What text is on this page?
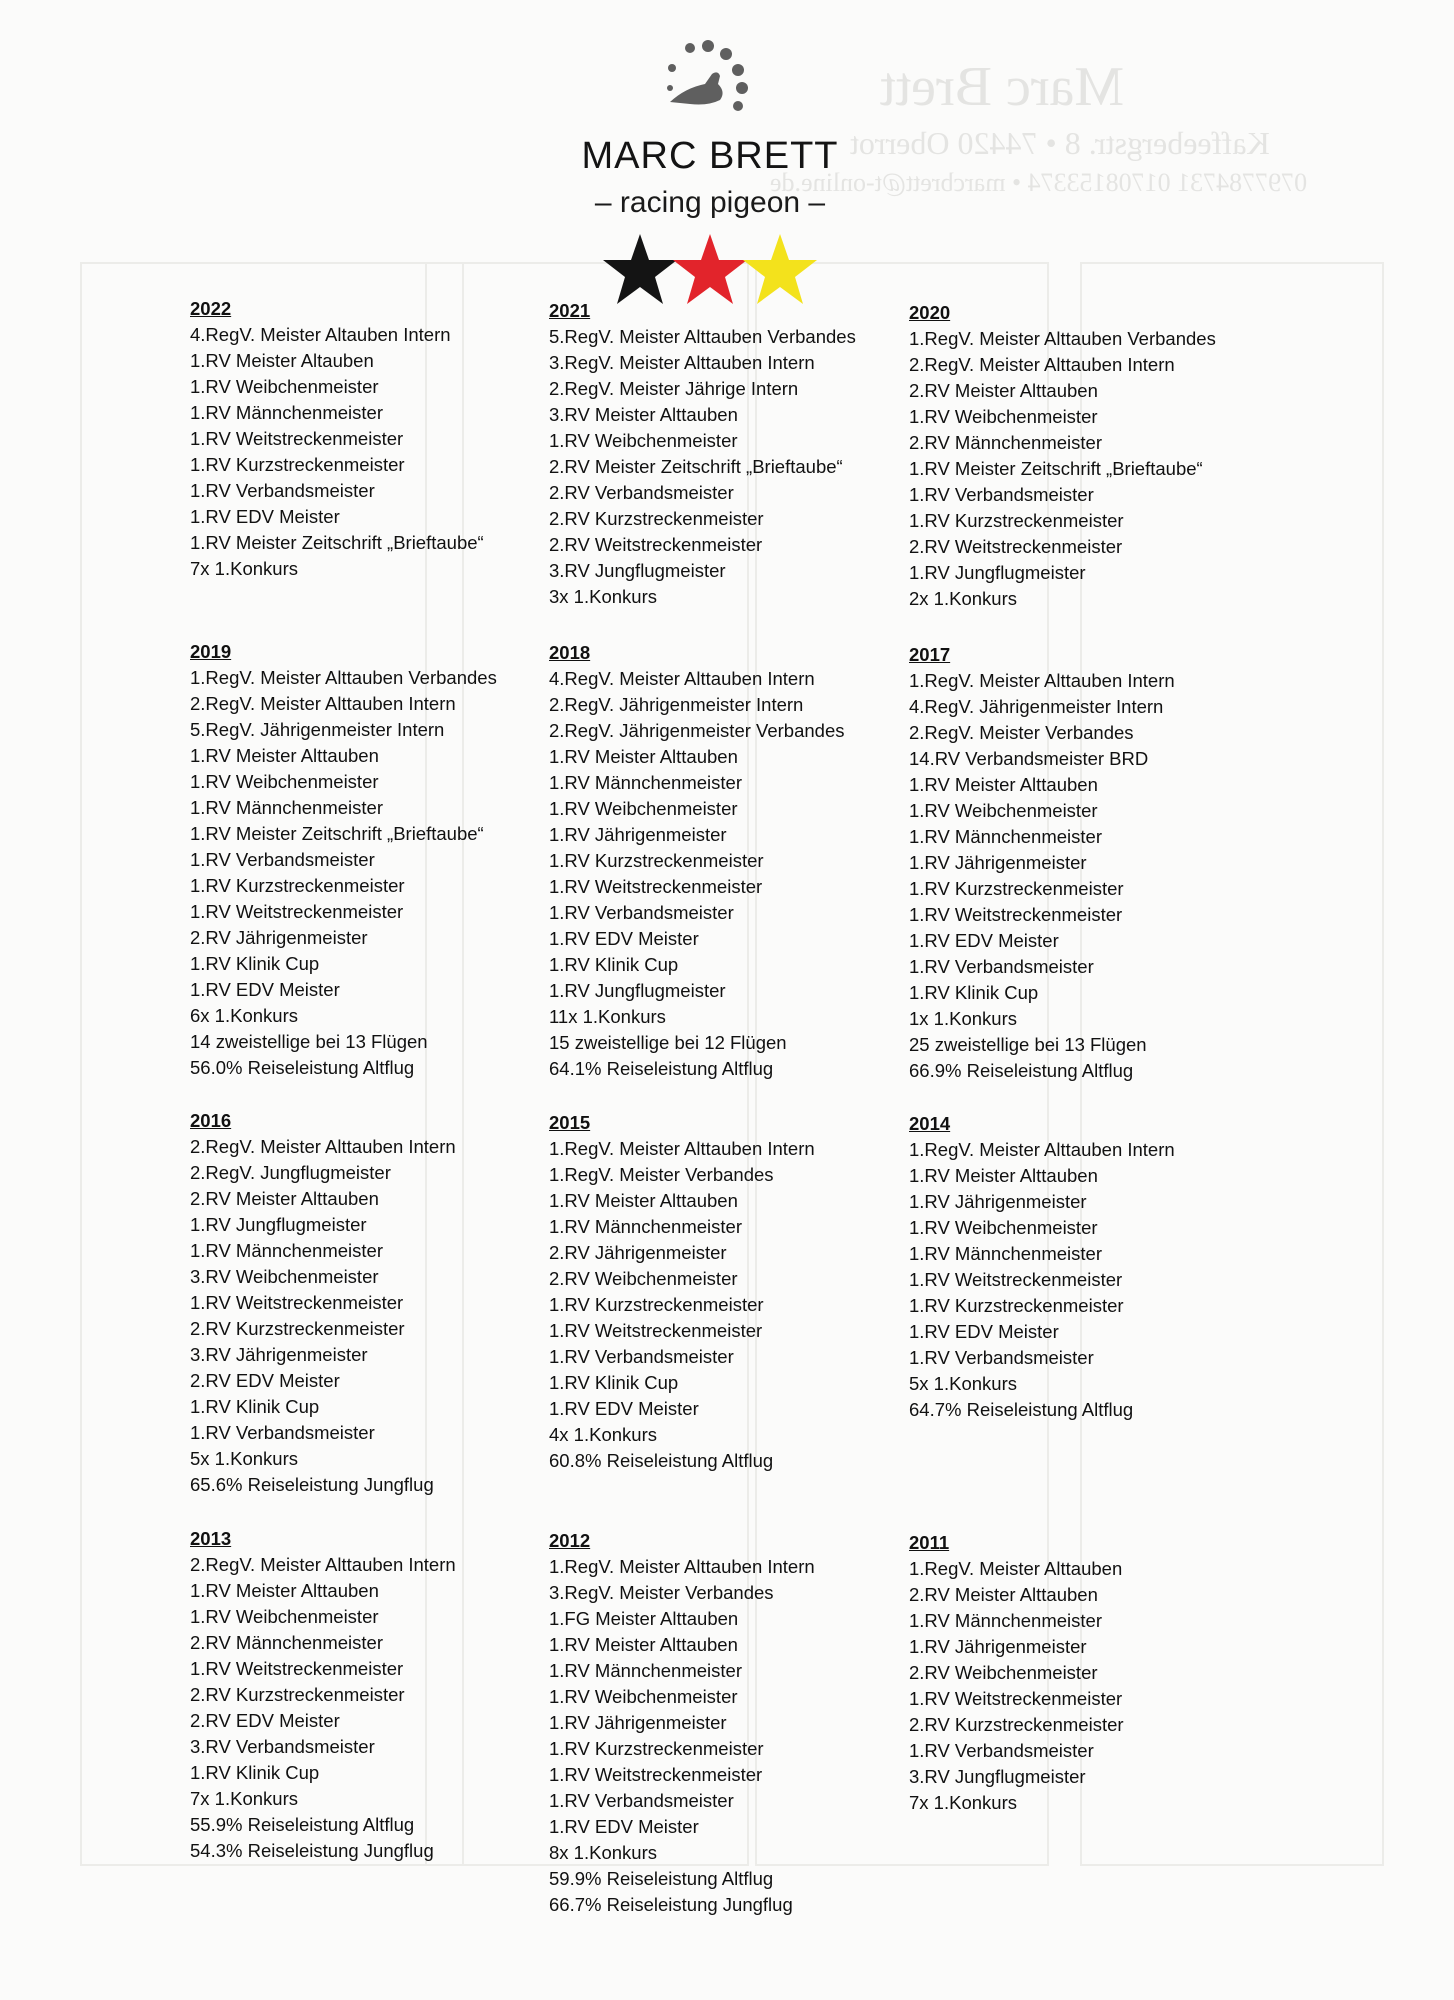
Marc Brett
Kaffeebergstr. 8 • 74420 Oberrot
0797784731 01708153374 • marcbrett@t-online.de
MARC BRETT
– racing pigeon –
2022
4.RegV. Meister Altauben Intern
1.RV Meister Altauben
1.RV Weibchenmeister
1.RV Männchenmeister
1.RV Weitstreckenmeister
1.RV Kurzstreckenmeister
1.RV Verbandsmeister
1.RV EDV Meister
1.RV Meister Zeitschrift „Brieftaube“
7x 1.Konkurs
2021
5.RegV. Meister Alttauben Verbandes
3.RegV. Meister Alttauben Intern
2.RegV. Meister Jährige Intern
3.RV Meister Alttauben
1.RV Weibchenmeister
2.RV Meister Zeitschrift „Brieftaube“
2.RV Verbandsmeister
2.RV Kurzstreckenmeister
2.RV Weitstreckenmeister
3.RV Jungflugmeister
3x 1.Konkurs
2020
1.RegV. Meister Alttauben Verbandes
2.RegV. Meister Alttauben Intern
2.RV Meister Alttauben
1.RV Weibchenmeister
2.RV Männchenmeister
1.RV Meister Zeitschrift „Brieftaube“
1.RV Verbandsmeister
1.RV Kurzstreckenmeister
2.RV Weitstreckenmeister
1.RV Jungflugmeister
2x 1.Konkurs
2019
1.RegV. Meister Alttauben Verbandes
2.RegV. Meister Alttauben Intern
5.RegV. Jährigenmeister Intern
1.RV Meister Alttauben
1.RV Weibchenmeister
1.RV Männchenmeister
1.RV Meister Zeitschrift „Brieftaube“
1.RV Verbandsmeister
1.RV Kurzstreckenmeister
1.RV Weitstreckenmeister
2.RV Jährigenmeister
1.RV Klinik Cup
1.RV EDV Meister
6x 1.Konkurs
14 zweistellige bei 13 Flügen
56.0% Reiseleistung Altflug
2018
4.RegV. Meister Alttauben Intern
2.RegV. Jährigenmeister Intern
2.RegV. Jährigenmeister Verbandes
1.RV Meister Alttauben
1.RV Männchenmeister
1.RV Weibchenmeister
1.RV Jährigenmeister
1.RV Kurzstreckenmeister
1.RV Weitstreckenmeister
1.RV Verbandsmeister
1.RV EDV Meister
1.RV Klinik Cup
1.RV Jungflugmeister
11x 1.Konkurs
15 zweistellige bei 12 Flügen
64.1% Reiseleistung Altflug
2017
1.RegV. Meister Alttauben Intern
4.RegV. Jährigenmeister Intern
2.RegV. Meister Verbandes
14.RV Verbandsmeister BRD
1.RV Meister Alttauben
1.RV Weibchenmeister
1.RV Männchenmeister
1.RV Jährigenmeister
1.RV Kurzstreckenmeister
1.RV Weitstreckenmeister
1.RV EDV Meister
1.RV Verbandsmeister
1.RV Klinik Cup
1x 1.Konkurs
25 zweistellige bei 13 Flügen
66.9% Reiseleistung Altflug
2016
2.RegV. Meister Alttauben Intern
2.RegV. Jungflugmeister
2.RV Meister Alttauben
1.RV Jungflugmeister
1.RV Männchenmeister
3.RV Weibchenmeister
1.RV Weitstreckenmeister
2.RV Kurzstreckenmeister
3.RV Jährigenmeister
2.RV EDV Meister
1.RV Klinik Cup
1.RV Verbandsmeister
5x 1.Konkurs
65.6% Reiseleistung Jungflug
2015
1.RegV. Meister Alttauben Intern
1.RegV. Meister Verbandes
1.RV Meister Alttauben
1.RV Männchenmeister
2.RV Jährigenmeister
2.RV Weibchenmeister
1.RV Kurzstreckenmeister
1.RV Weitstreckenmeister
1.RV Verbandsmeister
1.RV Klinik Cup
1.RV EDV Meister
4x 1.Konkurs
60.8% Reiseleistung Altflug
2014
1.RegV. Meister Alttauben Intern
1.RV Meister Alttauben
1.RV Jährigenmeister
1.RV Weibchenmeister
1.RV Männchenmeister
1.RV Weitstreckenmeister
1.RV Kurzstreckenmeister
1.RV EDV Meister
1.RV Verbandsmeister
5x 1.Konkurs
64.7% Reiseleistung Altflug
2013
2.RegV. Meister Alttauben Intern
1.RV Meister Alttauben
1.RV Weibchenmeister
2.RV Männchenmeister
1.RV Weitstreckenmeister
2.RV Kurzstreckenmeister
2.RV EDV Meister
3.RV Verbandsmeister
1.RV Klinik Cup
7x 1.Konkurs
55.9% Reiseleistung Altflug
54.3% Reiseleistung Jungflug
2012
1.RegV. Meister Alttauben Intern
3.RegV. Meister Verbandes
1.FG Meister Alttauben
1.RV Meister Alttauben
1.RV Männchenmeister
1.RV Weibchenmeister
1.RV Jährigenmeister
1.RV Kurzstreckenmeister
1.RV Weitstreckenmeister
1.RV Verbandsmeister
1.RV EDV Meister
8x 1.Konkurs
59.9% Reiseleistung Altflug
66.7% Reiseleistung Jungflug
2011
1.RegV. Meister Alttauben
2.RV Meister Alttauben
1.RV Männchenmeister
1.RV Jährigenmeister
2.RV Weibchenmeister
1.RV Weitstreckenmeister
2.RV Kurzstreckenmeister
1.RV Verbandsmeister
3.RV Jungflugmeister
7x 1.Konkurs
